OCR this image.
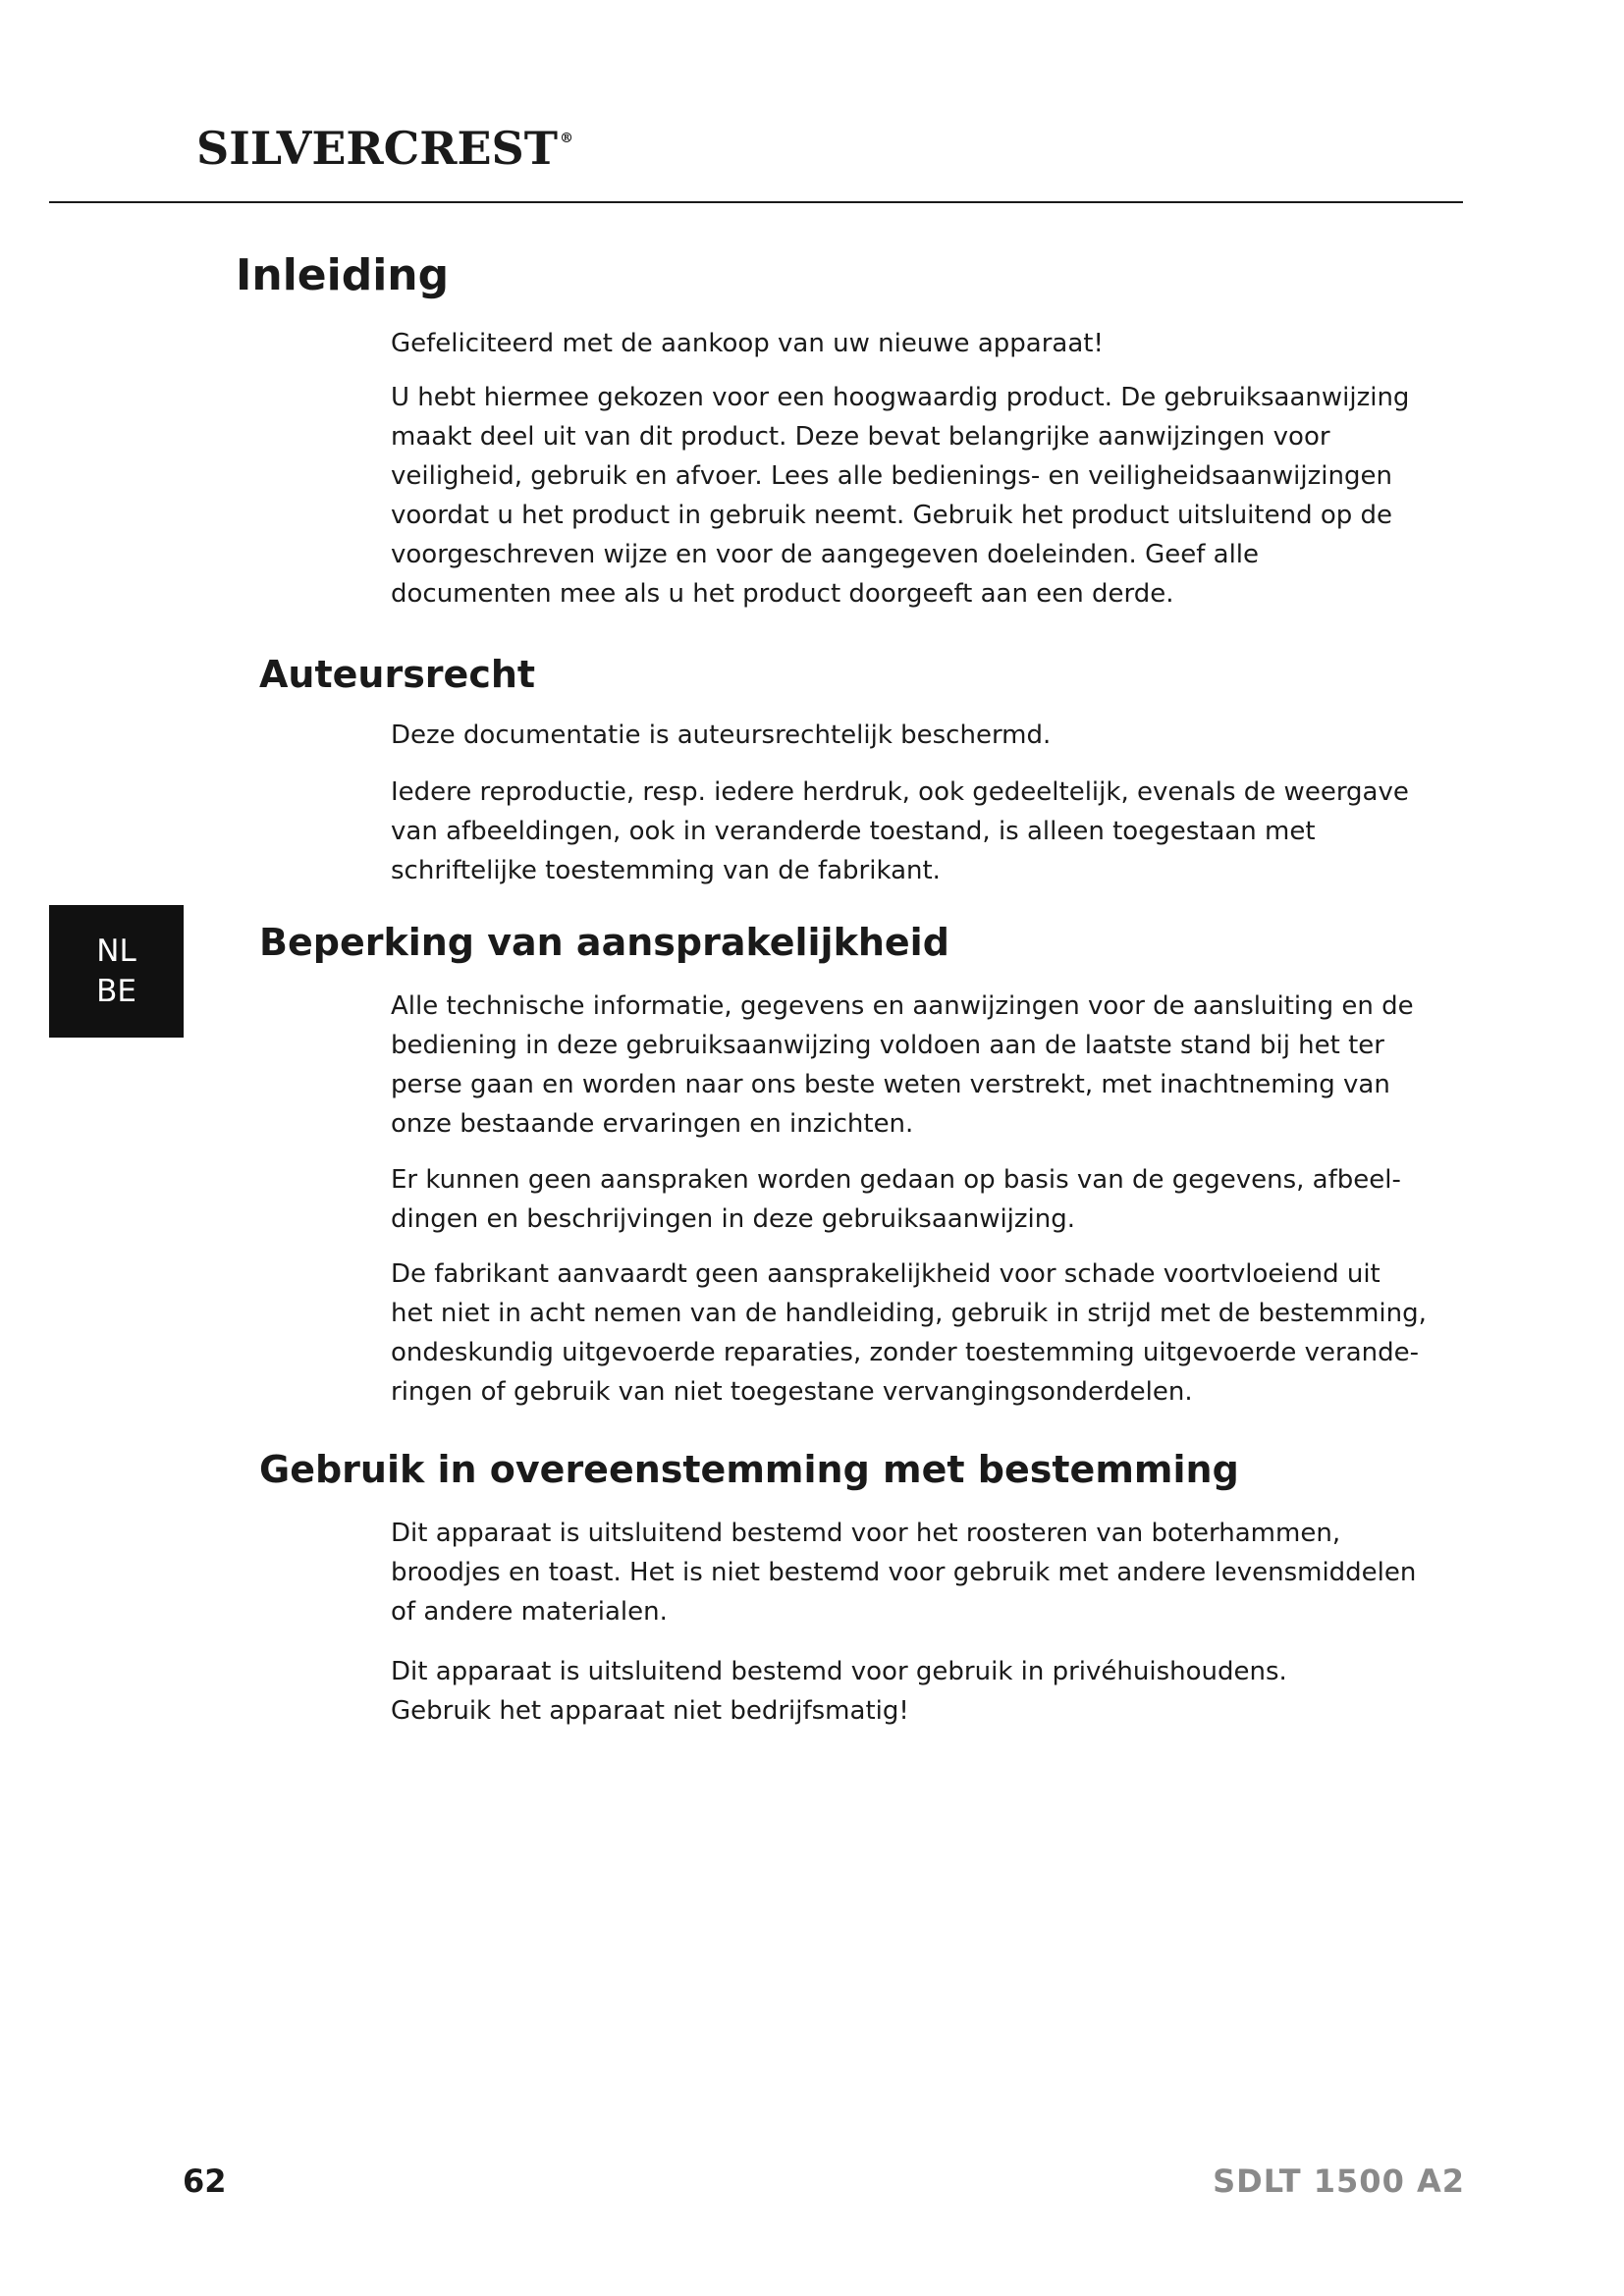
SILVERCREST ®
NL
BE
Inleiding

Gefeliciteerd met de aankoop van uw nieuwe apparaat!

U hebt hiermee gekozen voor een hoogwaardig product. De gebruiksaanwijzing maakt deel uit van dit product. Deze bevat belangrijke aanwijzingen voor veiligheid, gebruik en afvoer. Lees alle bedienings- en veiligheidsaanwijzingen voordat u het product in gebruik neemt. Gebruik het product uitsluitend op de voorgeschreven wijze en voor de aangegeven doeleinden. Geef alle documenten mee als u het product doorgeeft aan een derde.

Auteursrecht

Deze documentatie is auteursrechtelijk beschermd.

Iedere reproductie, resp. iedere herdruk, ook gedeeltelijk, evenals de weergave van afbeeldingen, ook in veranderde toestand, is alleen toegestaan met schriftelijke toestemming van de fabrikant.

Beperking van aansprakelijkheid

Alle technische informatie, gegevens en aanwijzingen voor de aansluiting en de bediening in deze gebruiksaanwijzing voldoen aan de laatste stand bij het ter perse gaan en worden naar ons beste weten verstrekt, met inachtneming van onze bestaande ervaringen en inzichten.

Er kunnen geen aanspraken worden gedaan op basis van de gegevens, afbeeldingen en beschrijvingen in deze gebruiksaanwijzing.

De fabrikant aanvaardt geen aansprakelijkheid voor schade voortvloeiend uit het niet in acht nemen van de handleiding, gebruik in strijd met de bestemming, ondeskundig uitgevoerde reparaties, zonder toestemming uitgevoerde veranderingen of gebruik van niet toegestane vervangingsonderdelen.

Gebruik in overeenstemming met bestemming

Dit apparaat is uitsluitend bestemd voor het roosteren van boterhammen, broodjes en toast. Het is niet bestemd voor gebruik met andere levensmiddelen of andere materialen.

Dit apparaat is uitsluitend bestemd voor gebruik in privéhuishoudens.
Gebruik het apparaat niet bedrijfsmatig!

62	SDLT 1500 A2
